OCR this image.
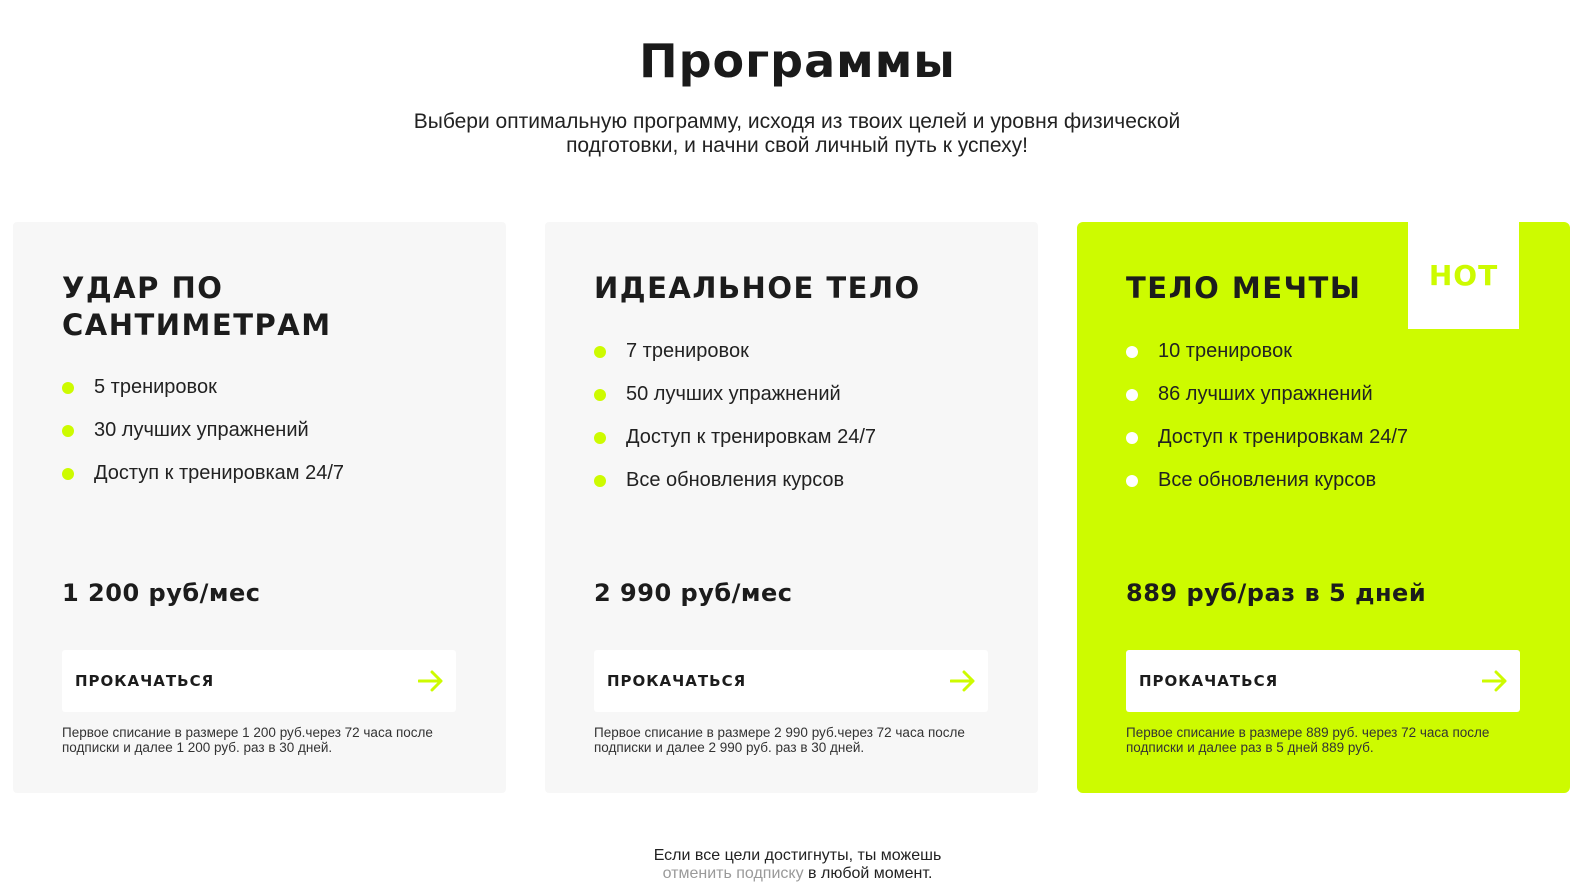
Программы

Выбери оптимальную программу, исходя из твоих целей и уровня физической подготовки, и начни свой личный путь к успеху!

УДАР ПО САНТИМЕТРАМ
5 тренировок
30 лучших упражнений
Доступ к тренировкам 24/7
1 200 руб/мес
ПРОКАЧАТЬСЯ

Первое списание в размере 1 200 руб.через 72 часа после подписки и далее 1 200 руб. раз в 30 дней.

ИДЕАЛЬНОЕ ТЕЛО
7 тренировок
50 лучших упражнений
Доступ к тренировкам 24/7
Все обновления курсов
2 990 руб/мес
ПРОКАЧАТЬСЯ

Первое списание в размере 2 990 руб.через 72 часа после подписки и далее 2 990 руб. раз в 30 дней.

ТЕЛО МЕЧТЫ	HOT
10 тренировок
86 лучших упражнений
Доступ к тренировкам 24/7
Все обновления курсов
889 руб/раз в 5 дней
ПРОКАЧАТЬСЯ

Первое списание в размере 889 руб. через 72 часа после подписки и далее раз в 5 дней 889 руб.

Если все цели достигнуты, ты можешь
отменить подписку в любой момент.
